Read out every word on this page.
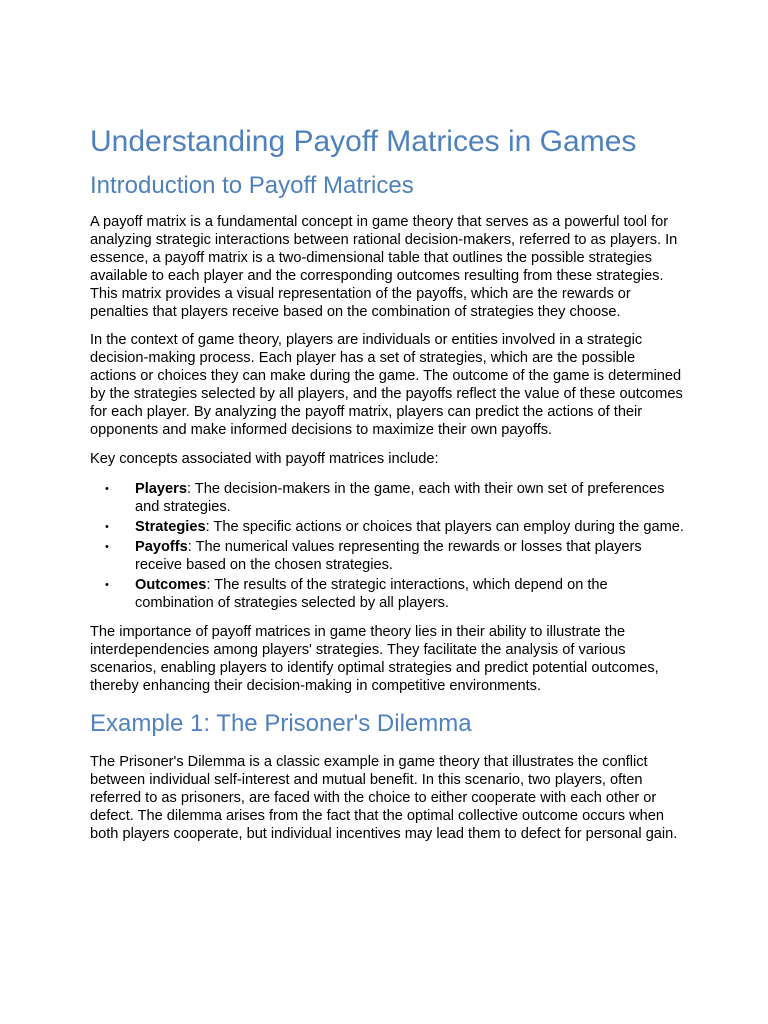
Understanding Payoff Matrices in Games
Introduction to Payoff Matrices

A payoff matrix is a fundamental concept in game theory that serves as a powerful tool for analyzing strategic interactions between rational decision-makers, referred to as players. In essence, a payoff matrix is a two-dimensional table that outlines the possible strategies available to each player and the corresponding outcomes resulting from these strategies. This matrix provides a visual representation of the payoffs, which are the rewards or penalties that players receive based on the combination of strategies they choose.

In the context of game theory, players are individuals or entities involved in a strategic decision-making process. Each player has a set of strategies, which are the possible actions or choices they can make during the game. The outcome of the game is determined by the strategies selected by all players, and the payoffs reflect the value of these outcomes for each player. By analyzing the payoff matrix, players can predict the actions of their opponents and make informed decisions to maximize their own payoffs.

Key concepts associated with payoff matrices include:

• Players: The decision-makers in the game, each with their own set of preferences and strategies.
• Strategies: The specific actions or choices that players can employ during the game.
• Payoffs: The numerical values representing the rewards or losses that players receive based on the chosen strategies.
• Outcomes: The results of the strategic interactions, which depend on the combination of strategies selected by all players.

The importance of payoff matrices in game theory lies in their ability to illustrate the interdependencies among players' strategies. They facilitate the analysis of various scenarios, enabling players to identify optimal strategies and predict potential outcomes, thereby enhancing their decision-making in competitive environments.

Example 1: The Prisoner's Dilemma

The Prisoner's Dilemma is a classic example in game theory that illustrates the conflict between individual self-interest and mutual benefit. In this scenario, two players, often referred to as prisoners, are faced with the choice to either cooperate with each other or defect. The dilemma arises from the fact that the optimal collective outcome occurs when both players cooperate, but individual incentives may lead them to defect for personal gain.
